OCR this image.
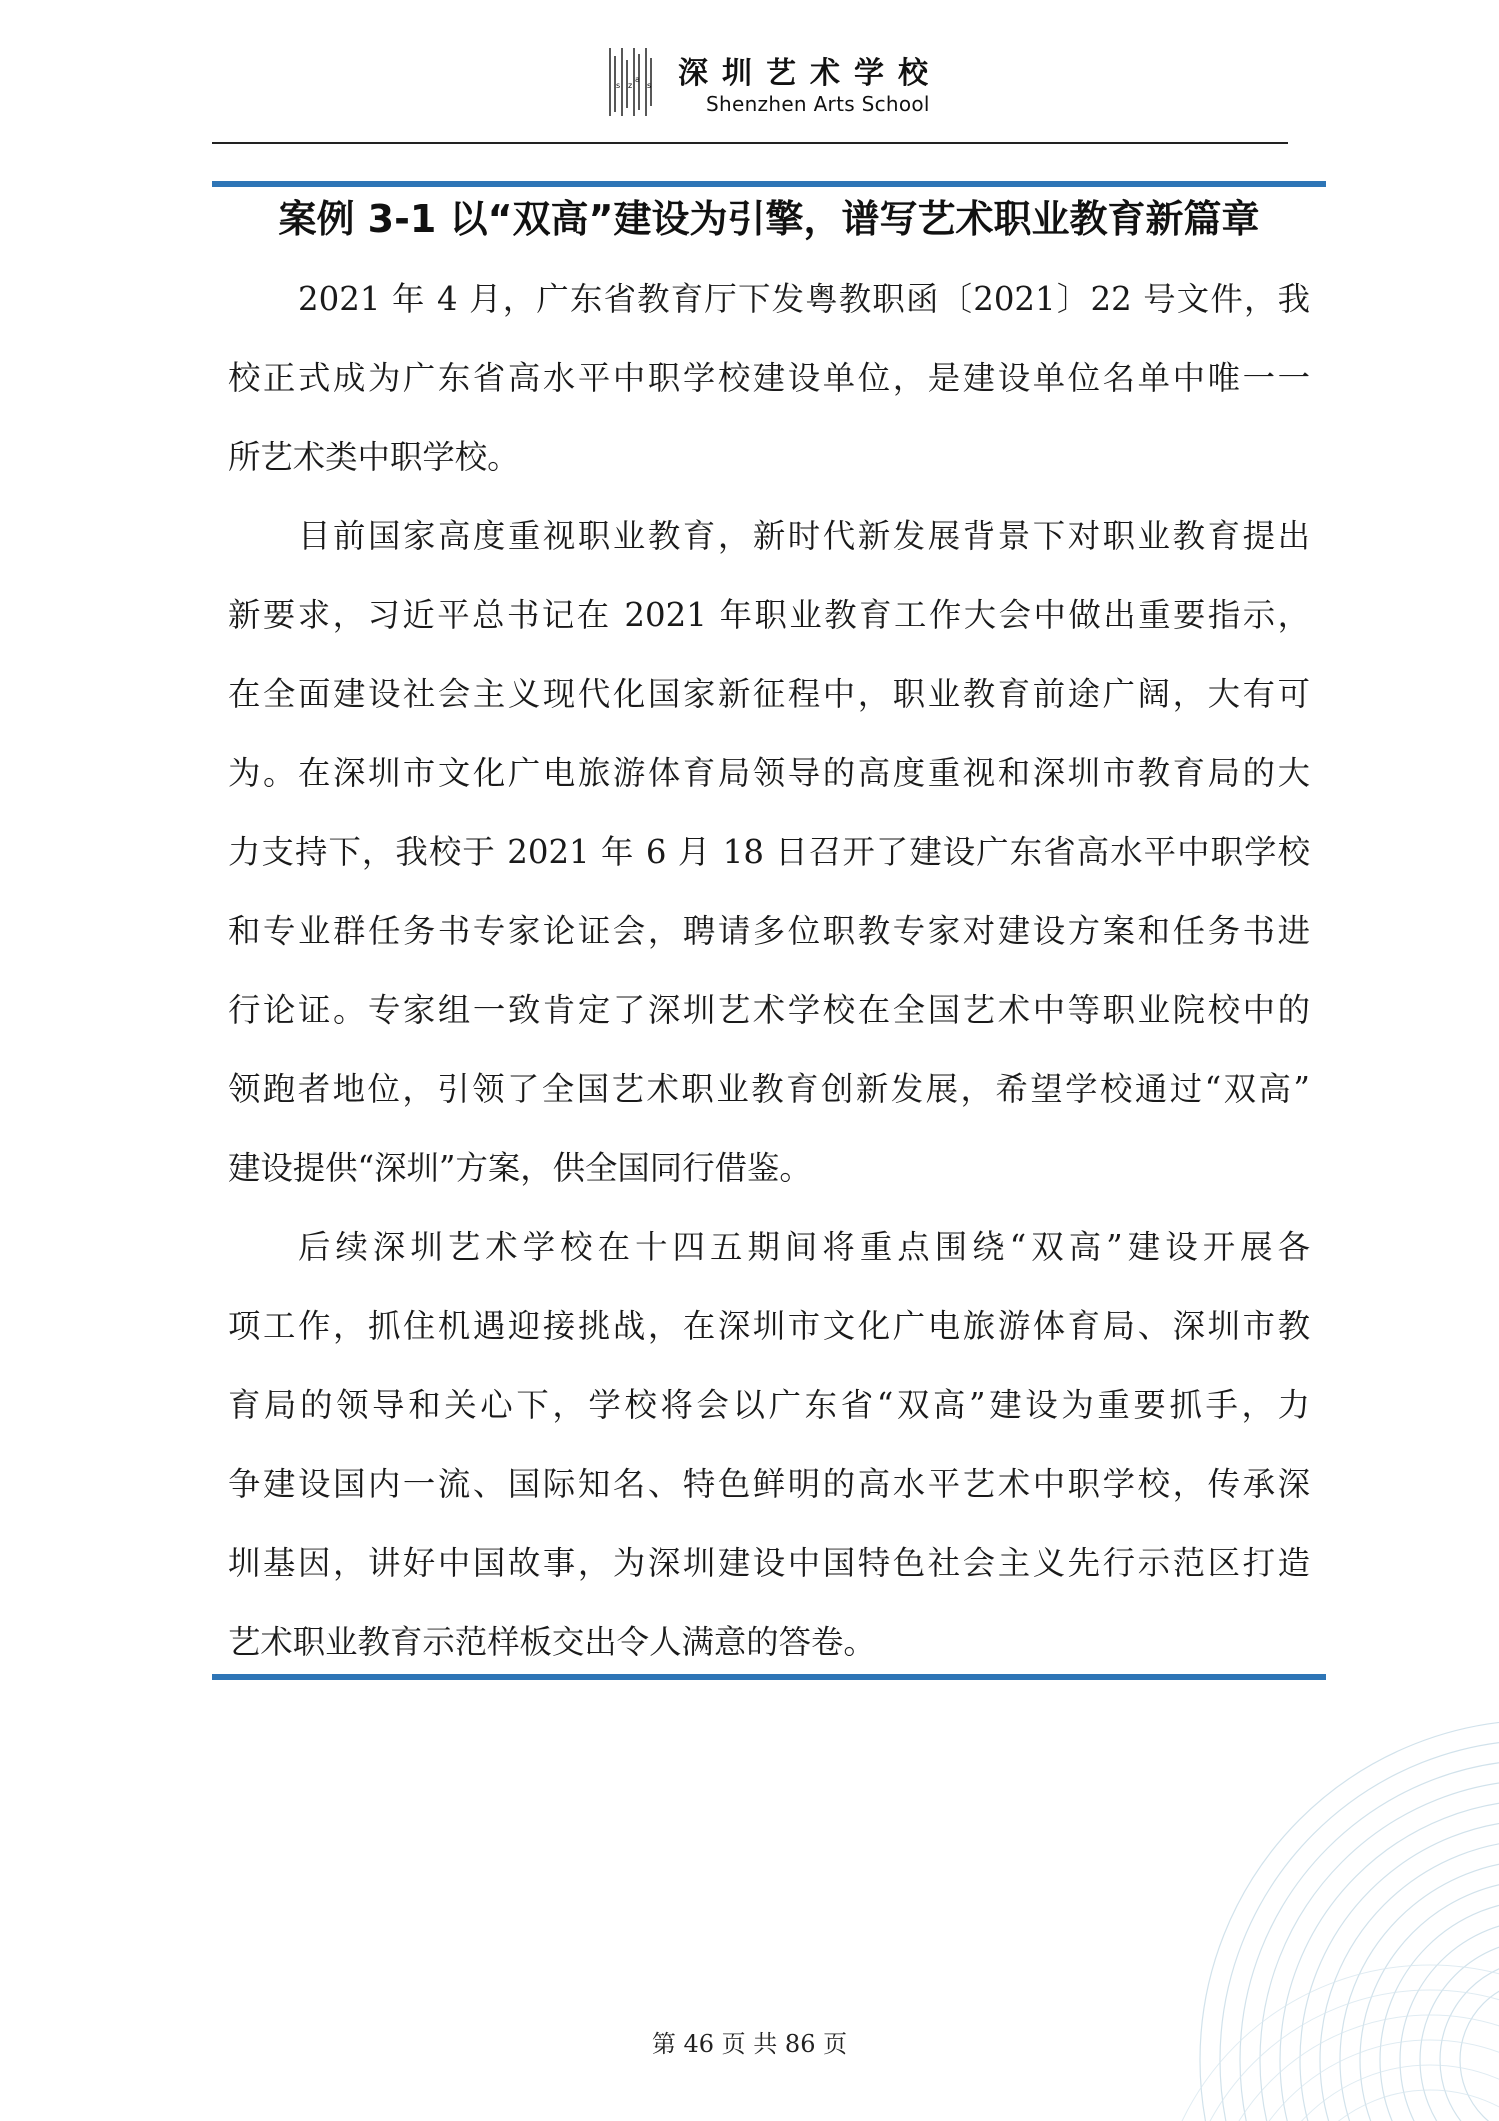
s z
a
s 深圳艺术学校
Shenzhen Arts School
案例 3-1 以“双高”建设为引擎，谱写艺术职业教育新篇章
2021 年 4 月，广东省教育厅下发粤教职函〔2021〕22 号文件，我
校正式成为广东省高水平中职学校建设单位，是建设单位名单中唯一一
所艺术类中职学校。
目前国家高度重视职业教育，新时代新发展背景下对职业教育提出
新要求，习近平总书记在 2021 年职业教育工作大会中做出重要指示，
在全面建设社会主义现代化国家新征程中，职业教育前途广阔，大有可
为。在深圳市文化广电旅游体育局领导的高度重视和深圳市教育局的大
力支持下，我校于 2021 年 6 月 18 日召开了建设广东省高水平中职学校
和专业群任务书专家论证会，聘请多位职教专家对建设方案和任务书进
行论证。专家组一致肯定了深圳艺术学校在全国艺术中等职业院校中的
领跑者地位，引领了全国艺术职业教育创新发展，希望学校通过“双高”
建设提供“深圳”方案，供全国同行借鉴。
后续深圳艺术学校在十四五期间将重点围绕“双高”建设开展各
项工作，抓住机遇迎接挑战，在深圳市文化广电旅游体育局、深圳市教
育局的领导和关心下，学校将会以广东省“双高”建设为重要抓手，力
争建设国内一流、国际知名、特色鲜明的高水平艺术中职学校，传承深
圳基因，讲好中国故事，为深圳建设中国特色社会主义先行示范区打造
艺术职业教育示范样板交出令人满意的答卷。
第 46 页 共 86 页
